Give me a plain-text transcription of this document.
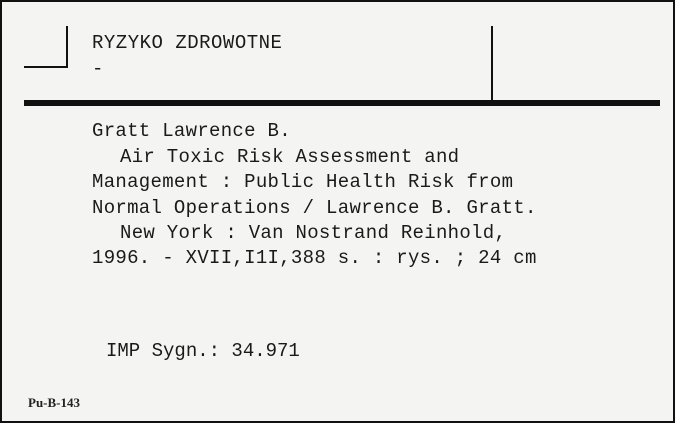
RYZYKO ZDROWOTNE
-
Gratt Lawrence B.
Air Toxic Risk Assessment and
Management : Public Health Risk from
Normal Operations / Lawrence B. Gratt.
New York : Van Nostrand Reinhold,
1996. - XVII,I1I,388 s. : rys. ; 24 cm
IMP Sygn.: 34.971
Pu-B-143
